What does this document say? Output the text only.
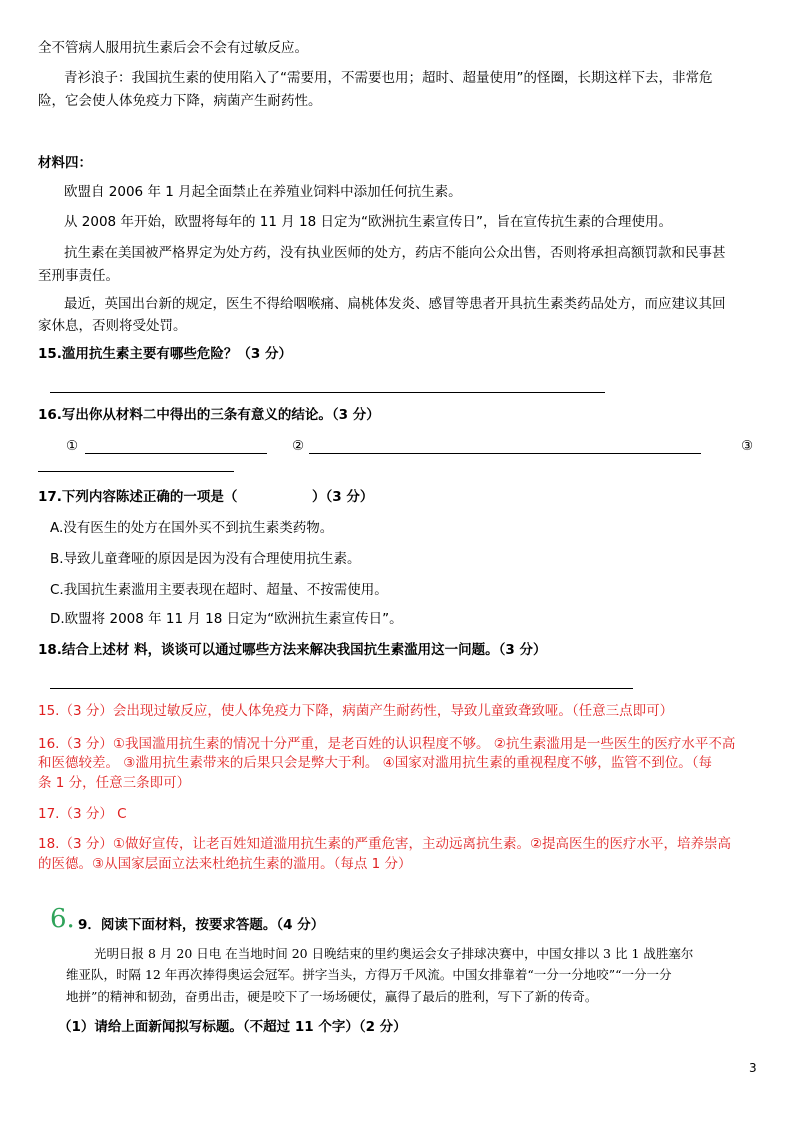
全不管病人服用抗生素后会不会有过敏反应。
青衫浪子：我国抗生素的使用陷入了“需要用，不需要也用；超时、超量使用”的怪圈，长期这样下去，非常危
险，它会使人体免疫力下降，病菌产生耐药性。
材料四：
欧盟自 2006 年 1 月起全面禁止在养殖业饲料中添加任何抗生素。
从 2008 年开始，欧盟将每年的 11 月 18 日定为“欧洲抗生素宣传日”，旨在宣传抗生素的合理使用。
抗生素在美国被严格界定为处方药，没有执业医师的处方，药店不能向公众出售，否则将承担高额罚款和民事甚
至刑事责任。
最近，英国出台新的规定，医生不得给咽喉痛、扁桃体发炎、感冒等患者开具抗生素类药品处方，而应建议其回
家休息，否则将受处罚。
15.滥用抗生素主要有哪些危险？（3 分）
16.写出你从材料二中得出的三条有意义的结论。（3 分）
①	②	③
17.下列内容陈述正确的一项是（	）（3 分）
A.没有医生的处方在国外买不到抗生素类药物。
B.导致儿童聋哑的原因是因为没有合理使用抗生素。
C.我国抗生素滥用主要表现在超时、超量、不按需使用。
D.欧盟将 2008 年 11 月 18 日定为“欧洲抗生素宣传日”。
18.结合上述材 料，谈谈可以通过哪些方法来解决我国抗生素滥用这一问题。（3 分）
15.（3 分）会出现过敏反应，使人体免疫力下降，病菌产生耐药性，导致儿童致聋致哑。（任意三点即可）
16.（3 分）①我国滥用抗生素的情况十分严重，是老百姓的认识程度不够。 ②抗生素滥用是一些医生的医疗水平不高
和医德较差。 ③滥用抗生素带来的后果只会是弊大于利。 ④国家对滥用抗生素的重视程度不够，监管不到位。（每
条 1 分，任意三条即可）
17.（3 分） C
18.（3 分）①做好宣传，让老百姓知道滥用抗生素的严重危害，主动远离抗生素。②提高医生的医疗水平，培养崇高
的医德。③从国家层面立法来杜绝抗生素的滥用。（每点 1 分）
6. 9．阅读下面材料，按要求答题。（4 分）
光明日报 8 月 20 日电 在当地时间 20 日晚结束的里约奥运会女子排球决赛中，中国女排以 3 比 1 战胜塞尔
维亚队，时隔 12 年再次捧得奥运会冠军。拼字当头，方得万千风流。中国女排靠着“一分一分地咬”“一分一分
地拼”的精神和韧劲，奋勇出击，硬是咬下了一场场硬仗，赢得了最后的胜利，写下了新的传奇。
（1）请给上面新闻拟写标题。（不超过 11 个字）（2 分）
3
